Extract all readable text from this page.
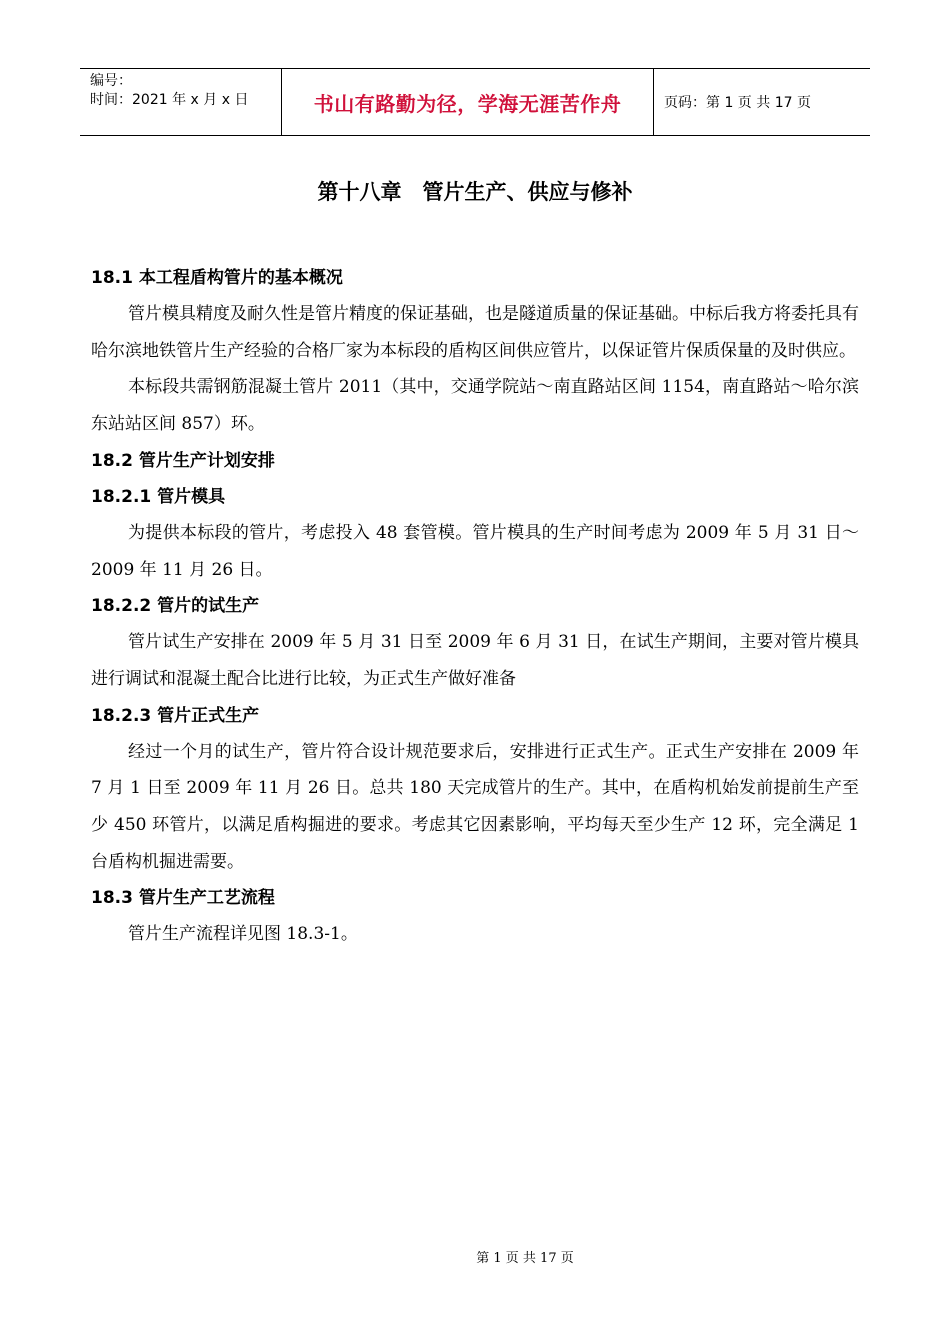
编号：
时间：2021 年 x 月 x 日	书山有路勤为径，学海无涯苦作舟	页码：第 1 页 共 17 页
第十八章　管片生产、供应与修补
18.1 本工程盾构管片的基本概况
管片模具精度及耐久性是管片精度的保证基础，也是隧道质量的保证基础。中标后我方将委托具有哈尔滨地铁管片生产经验的合格厂家为本标段的盾构区间供应管片，以保证管片保质保量的及时供应。
本标段共需钢筋混凝土管片 2011（其中，交通学院站～南直路站区间 1154，南直路站～哈尔滨东站站区间 857）环。
18.2 管片生产计划安排
18.2.1 管片模具
为提供本标段的管片，考虑投入 48 套管模。管片模具的生产时间考虑为 2009 年 5 月 31 日～2009 年 11 月 26 日。
18.2.2 管片的试生产
管片试生产安排在 2009 年 5 月 31 日至 2009 年 6 月 31 日，在试生产期间，主要对管片模具进行调试和混凝土配合比进行比较，为正式生产做好准备
18.2.3 管片正式生产
经过一个月的试生产，管片符合设计规范要求后，安排进行正式生产。正式生产安排在 2009 年 7 月 1 日至 2009 年 11 月 26 日。总共 180 天完成管片的生产。其中，在盾构机始发前提前生产至少 450 环管片，以满足盾构掘进的要求。考虑其它因素影响，平均每天至少生产 12 环，完全满足 1 台盾构机掘进需要。
18.3 管片生产工艺流程
管片生产流程详见图 18.3-1。
第 1 页 共 17 页
